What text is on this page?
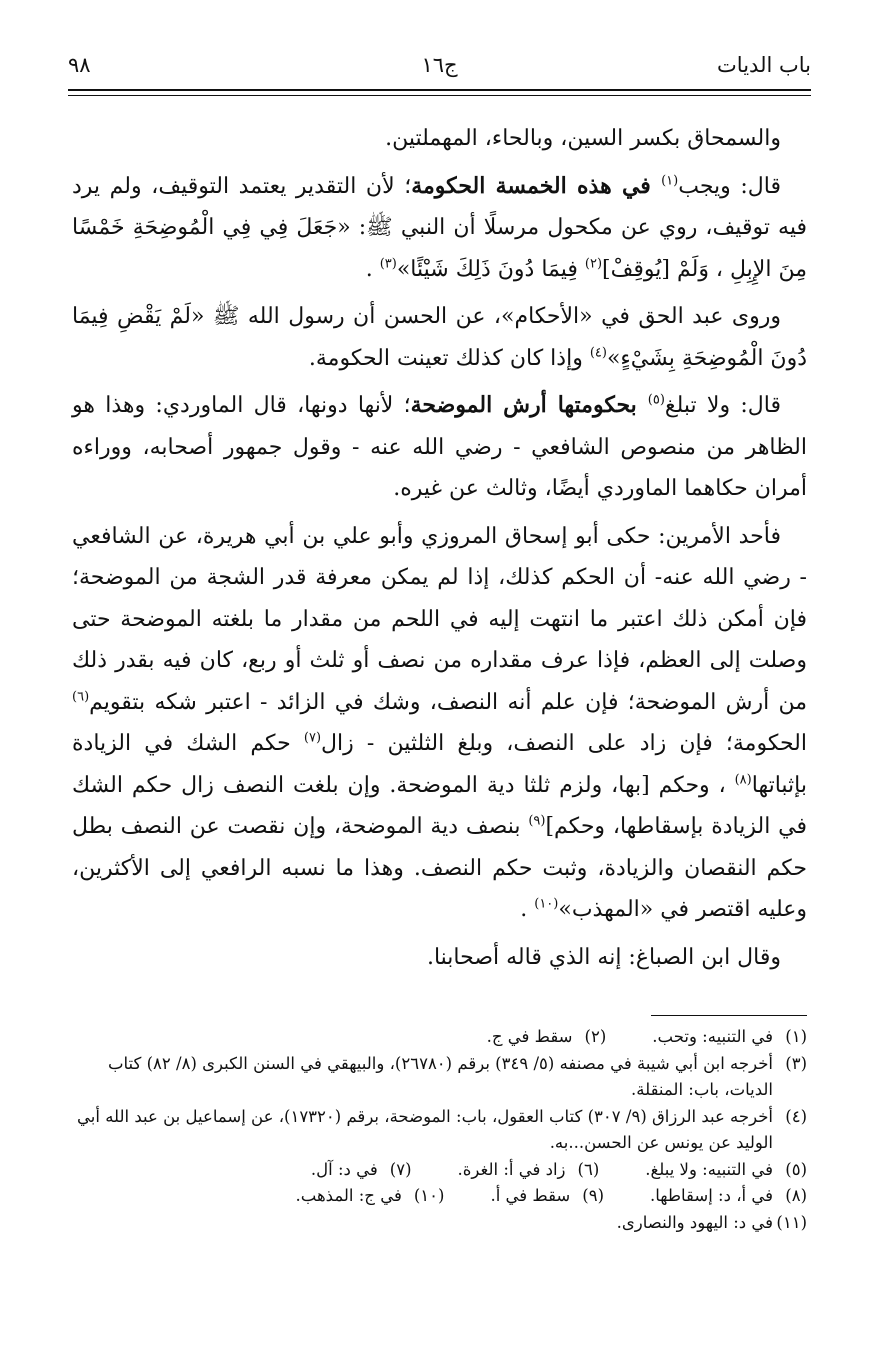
باب الديات
ج١٦
٩٨

والسمحاق بكسر السين، وبالحاء، المهملتين.

قال: ويجب$^{(١)}$ في هذه الخمسة الحكومة؛ لأن التقدير يعتمد التوقيف، ولم يرد فيه توقيف، روي عن مكحول مرسلًا أن النبي ﷺ: «جَعَلَ فِي فِي الْمُوضِحَةِ خَمْسًا مِنَ الإِبِلِ ، وَلَمْ [يُوقِفْ]$^{(٢)}$ فِيمَا دُونَ ذَلِكَ شَيْئًا»$^{(٣)}$ .

وروى عبد الحق في «الأحكام»، عن الحسن أن رسول الله ﷺ «لَمْ يَقْضِ فِيمَا دُونَ الْمُوضِحَةِ بِشَيْءٍ»$^{(٤)}$ وإذا كان كذلك تعينت الحكومة.

قال: ولا تبلغ$^{(٥)}$ بحكومتها أرش الموضحة؛ لأنها دونها، قال الماوردي: وهذا هو الظاهر من منصوص الشافعي - رضي الله عنه - وقول جمهور أصحابه، ووراءه أمران حكاهما الماوردي أيضًا، وثالث عن غيره.

فأحد الأمرين: حكى أبو إسحاق المروزي وأبو علي بن أبي هريرة، عن الشافعي - رضي الله عنه- أن الحكم كذلك، إذا لم يمكن معرفة قدر الشجة من الموضحة؛ فإن أمكن ذلك اعتبر ما انتهت إليه في اللحم من مقدار ما بلغته الموضحة حتى وصلت إلى العظم، فإذا عرف مقداره من نصف أو ثلث أو ربع، كان فيه بقدر ذلك من أرش الموضحة؛ فإن علم أنه النصف، وشك في الزائد - اعتبر شكه بتقويم$^{(٦)}$ الحكومة؛ فإن زاد على النصف، وبلغ الثلثين - زال$^{(٧)}$ حكم الشك في الزيادة بإثباتها$^{(٨)}$ ، وحكم [بها، ولزم ثلثا دية الموضحة. وإن بلغت النصف زال حكم الشك في الزيادة بإسقاطها، وحكم]$^{(٩)}$ بنصف دية الموضحة، وإن نقصت عن النصف بطل حكم النقصان والزيادة، وثبت حكم النصف. وهذا ما نسبه الرافعي إلى الأكثرين، وعليه اقتصر في «المهذب»$^{(١٠)}$ .

وقال ابن الصباغ: إنه الذي قاله أصحابنا.

(١)
في التنبيه: وتحب.
(٢)سقط في ج.
(٣)
أخرجه ابن أبي شيبة في مصنفه (٥/ ٣٤٩) برقم (٢٦٧٨٠)، والبيهقي في السنن الكبرى (٨/ ٨٢) كتاب الديات، باب: المنقلة.
(٤)
أخرجه عبد الرزاق (٩/ ٣٠٧) كتاب العقول، باب: الموضحة، برقم (١٧٣٢٠)، عن إسماعيل بن عبد الله أبي الوليد عن يونس عن الحسن...به.
(٥)
في التنبيه: ولا يبلغ.
(٦)زاد في أ: الغرة.
(٧)في د: آل.
(٨)
في أ، د: إسقاطها.
(٩)سقط في أ.
(١٠)في ج: المذهب.
(١١)
في د: اليهود والنصارى.
